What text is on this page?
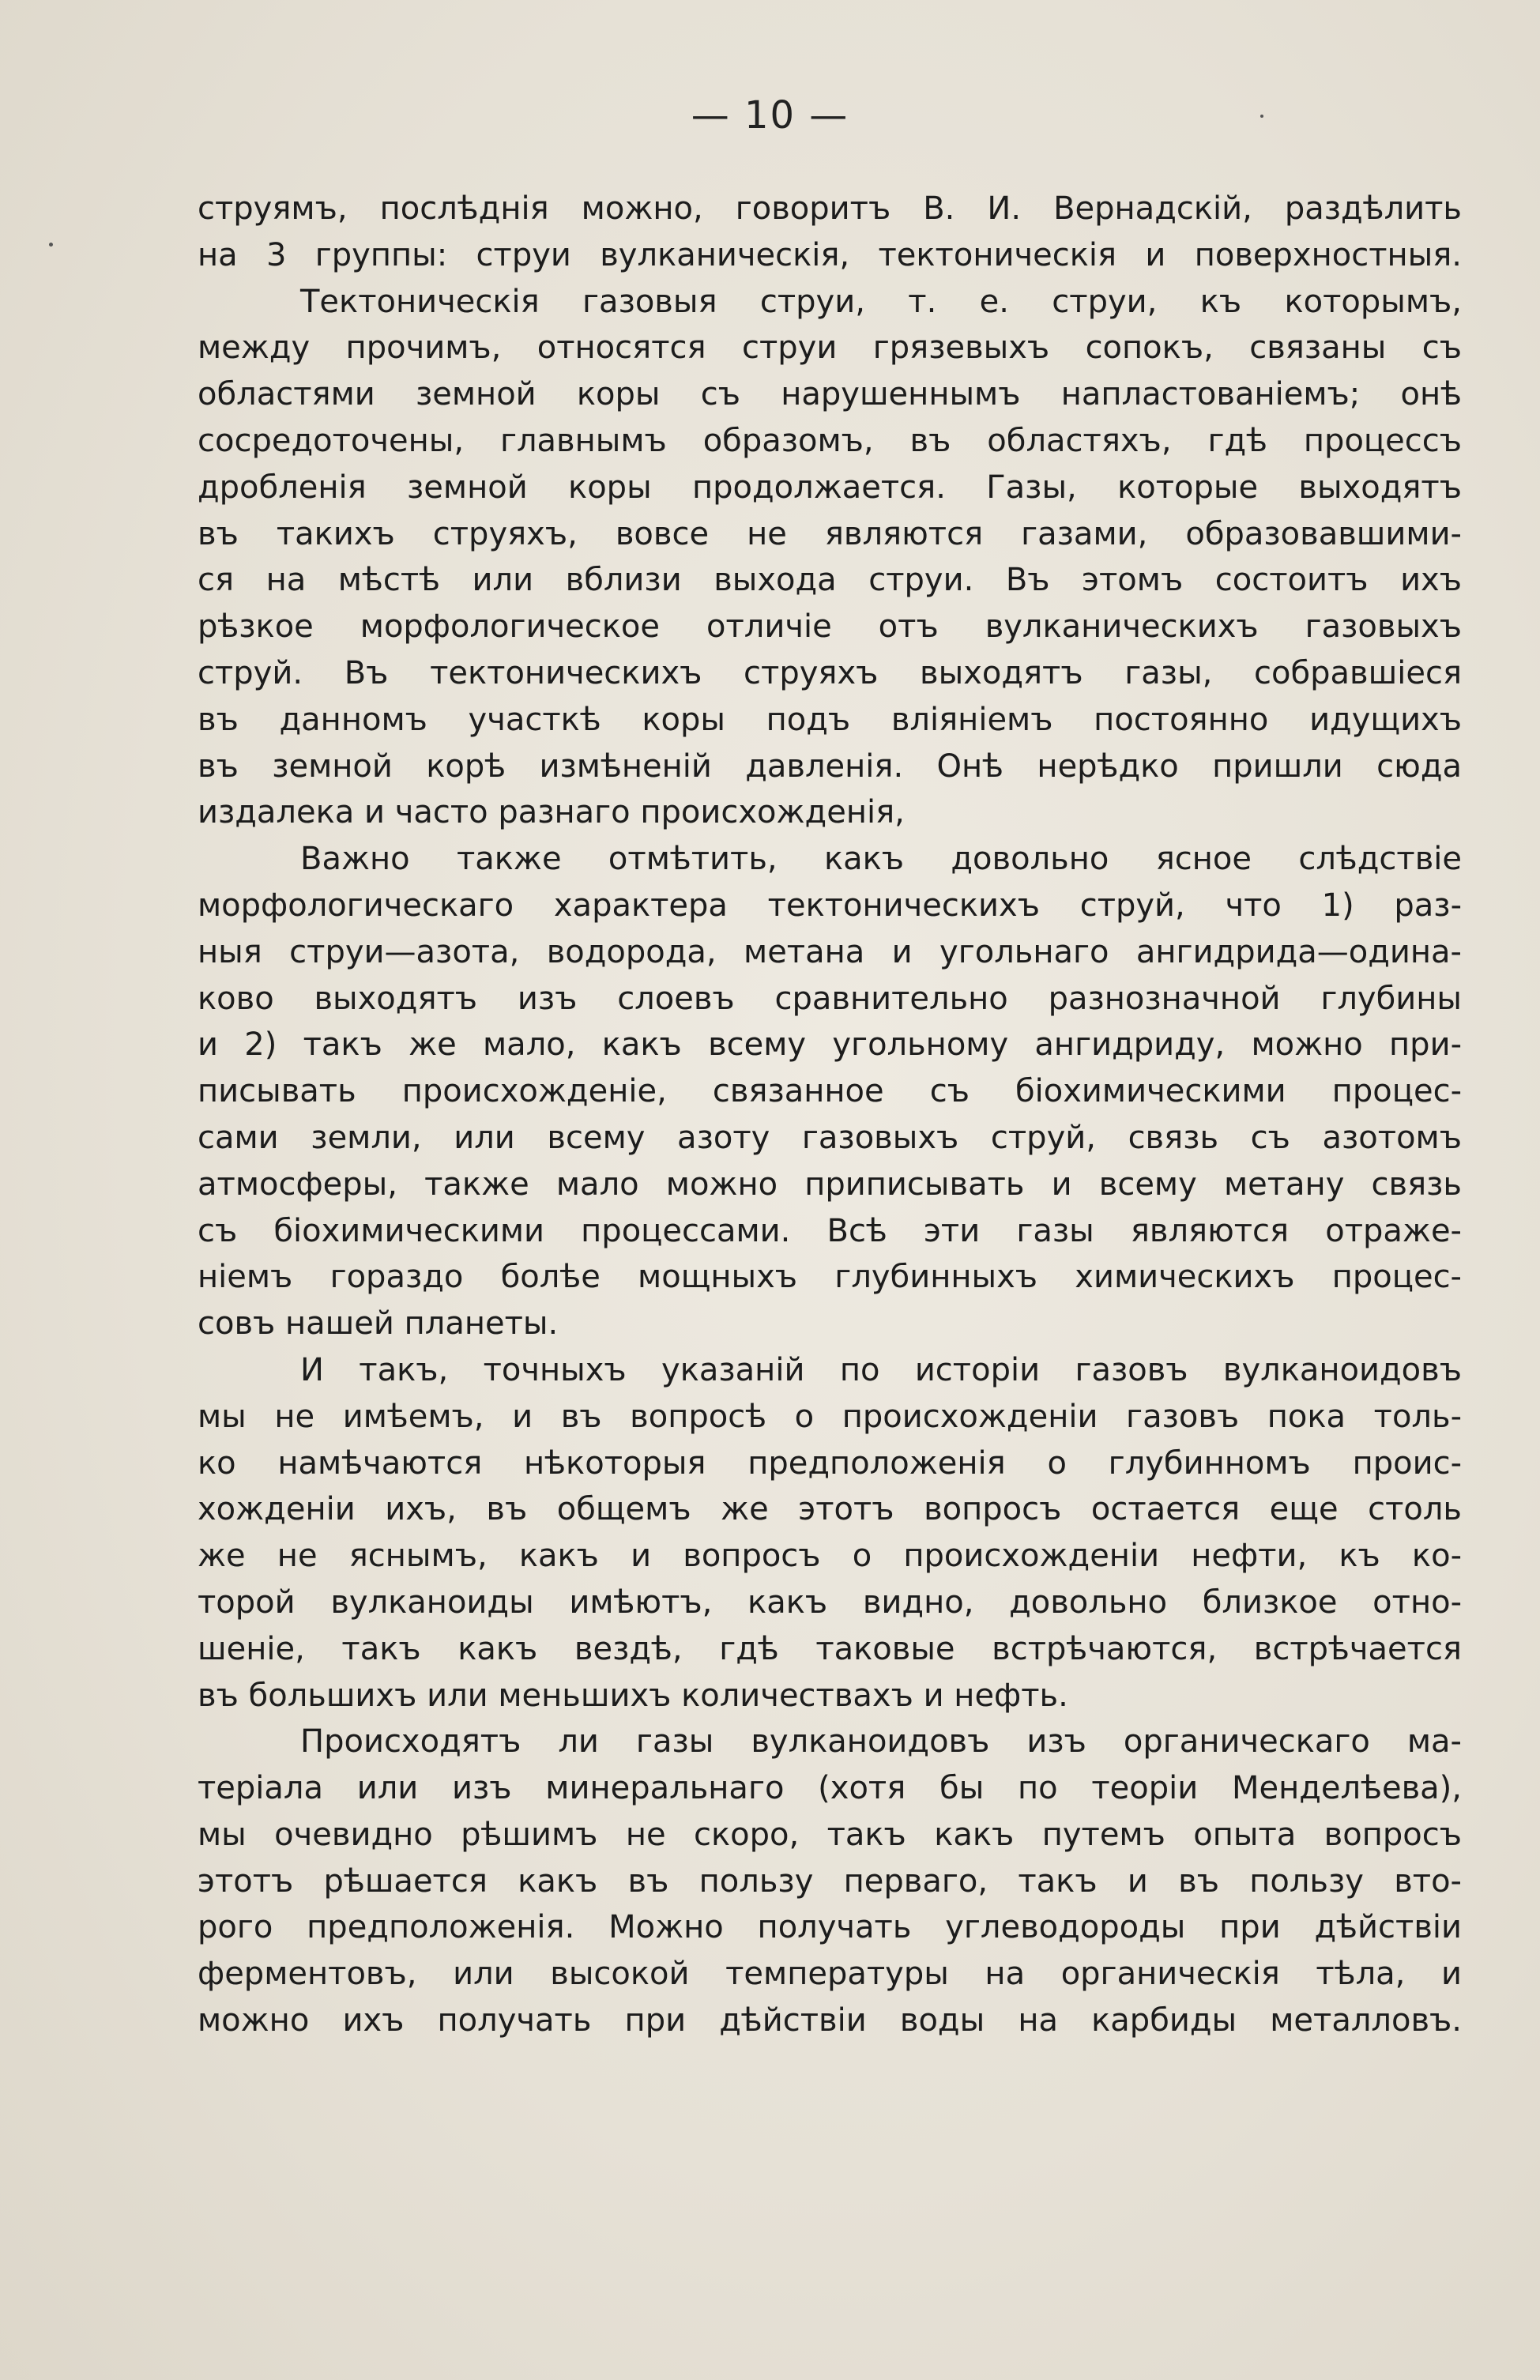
— 10 —
струямъ, послѣднія можно, говоритъ В. И. Вернадскій, раздѣлить
на 3 группы: струи вулканическія, тектоническія и поверхностныя.
Тектоническія газовыя струи, т. е. струи, къ которымъ,
между прочимъ, относятся струи грязевыхъ сопокъ, связаны съ
областями земной коры съ нарушеннымъ напластованіемъ; онѣ
сосредоточены, главнымъ образомъ, въ областяхъ, гдѣ процессъ
дробленія земной коры продолжается. Газы, которые выходятъ
въ такихъ струяхъ, вовсе не являются газами, образовавшими-
ся на мѣстѣ или вблизи выхода струи. Въ этомъ состоитъ ихъ
рѣзкое морфологическое отличіе отъ вулканическихъ газовыхъ
струй. Въ тектоническихъ струяхъ выходятъ газы, собравшiеся
въ данномъ участкѣ коры подъ вліяніемъ постоянно идущихъ
въ земной корѣ измѣненій давленія. Онѣ нерѣдко пришли сюда
издалека и часто разнаго происхожденія,
Важно также отмѣтить, какъ довольно ясное слѣдствіе
морфологическаго характера тектоническихъ струй, что 1) раз-
ныя струи—азота, водорода, метана и угольнаго ангидрида—одина-
ково выходятъ изъ слоевъ сравнительно разнозначной глубины
и 2) такъ же мало, какъ всему угольному ангидриду, можно при-
писывать происхожденіе, связанное съ біохимическими процес-
сами земли, или всему азоту газовыхъ струй, связь съ азотомъ
атмосферы, также мало можно приписывать и всему метану связь
съ біохимическими процессами. Всѣ эти газы являются отраже-
ніемъ гораздо болѣе мощныхъ глубинныхъ химическихъ процес-
совъ нашей планеты.
И такъ, точныхъ указаній по исторіи газовъ вулканоидовъ
мы не имѣемъ, и въ вопросѣ о происхожденіи газовъ пока толь-
ко намѣчаются нѣкоторыя предположенія о глубинномъ проис-
хожденіи ихъ, въ общемъ же этотъ вопросъ остается еще столь
же не яснымъ, какъ и вопросъ о происхожденіи нефти, къ ко-
торой вулканоиды имѣютъ, какъ видно, довольно близкое отно-
шеніе, такъ какъ вездѣ, гдѣ таковые встрѣчаются, встрѣчается
въ большихъ или меньшихъ количествахъ и нефть.
Происходятъ ли газы вулканоидовъ изъ органическаго ма-
теріала или изъ минеральнаго (хотя бы по теоріи Менделѣева),
мы очевидно рѣшимъ не скоро, такъ какъ путемъ опыта вопросъ
этотъ рѣшается какъ въ пользу перваго, такъ и въ пользу вто-
рого предположенія. Можно получать углеводороды при дѣйствіи
ферментовъ, или высокой температуры на органическія тѣла, и
можно ихъ получать при дѣйствіи воды на карбиды металловъ.
